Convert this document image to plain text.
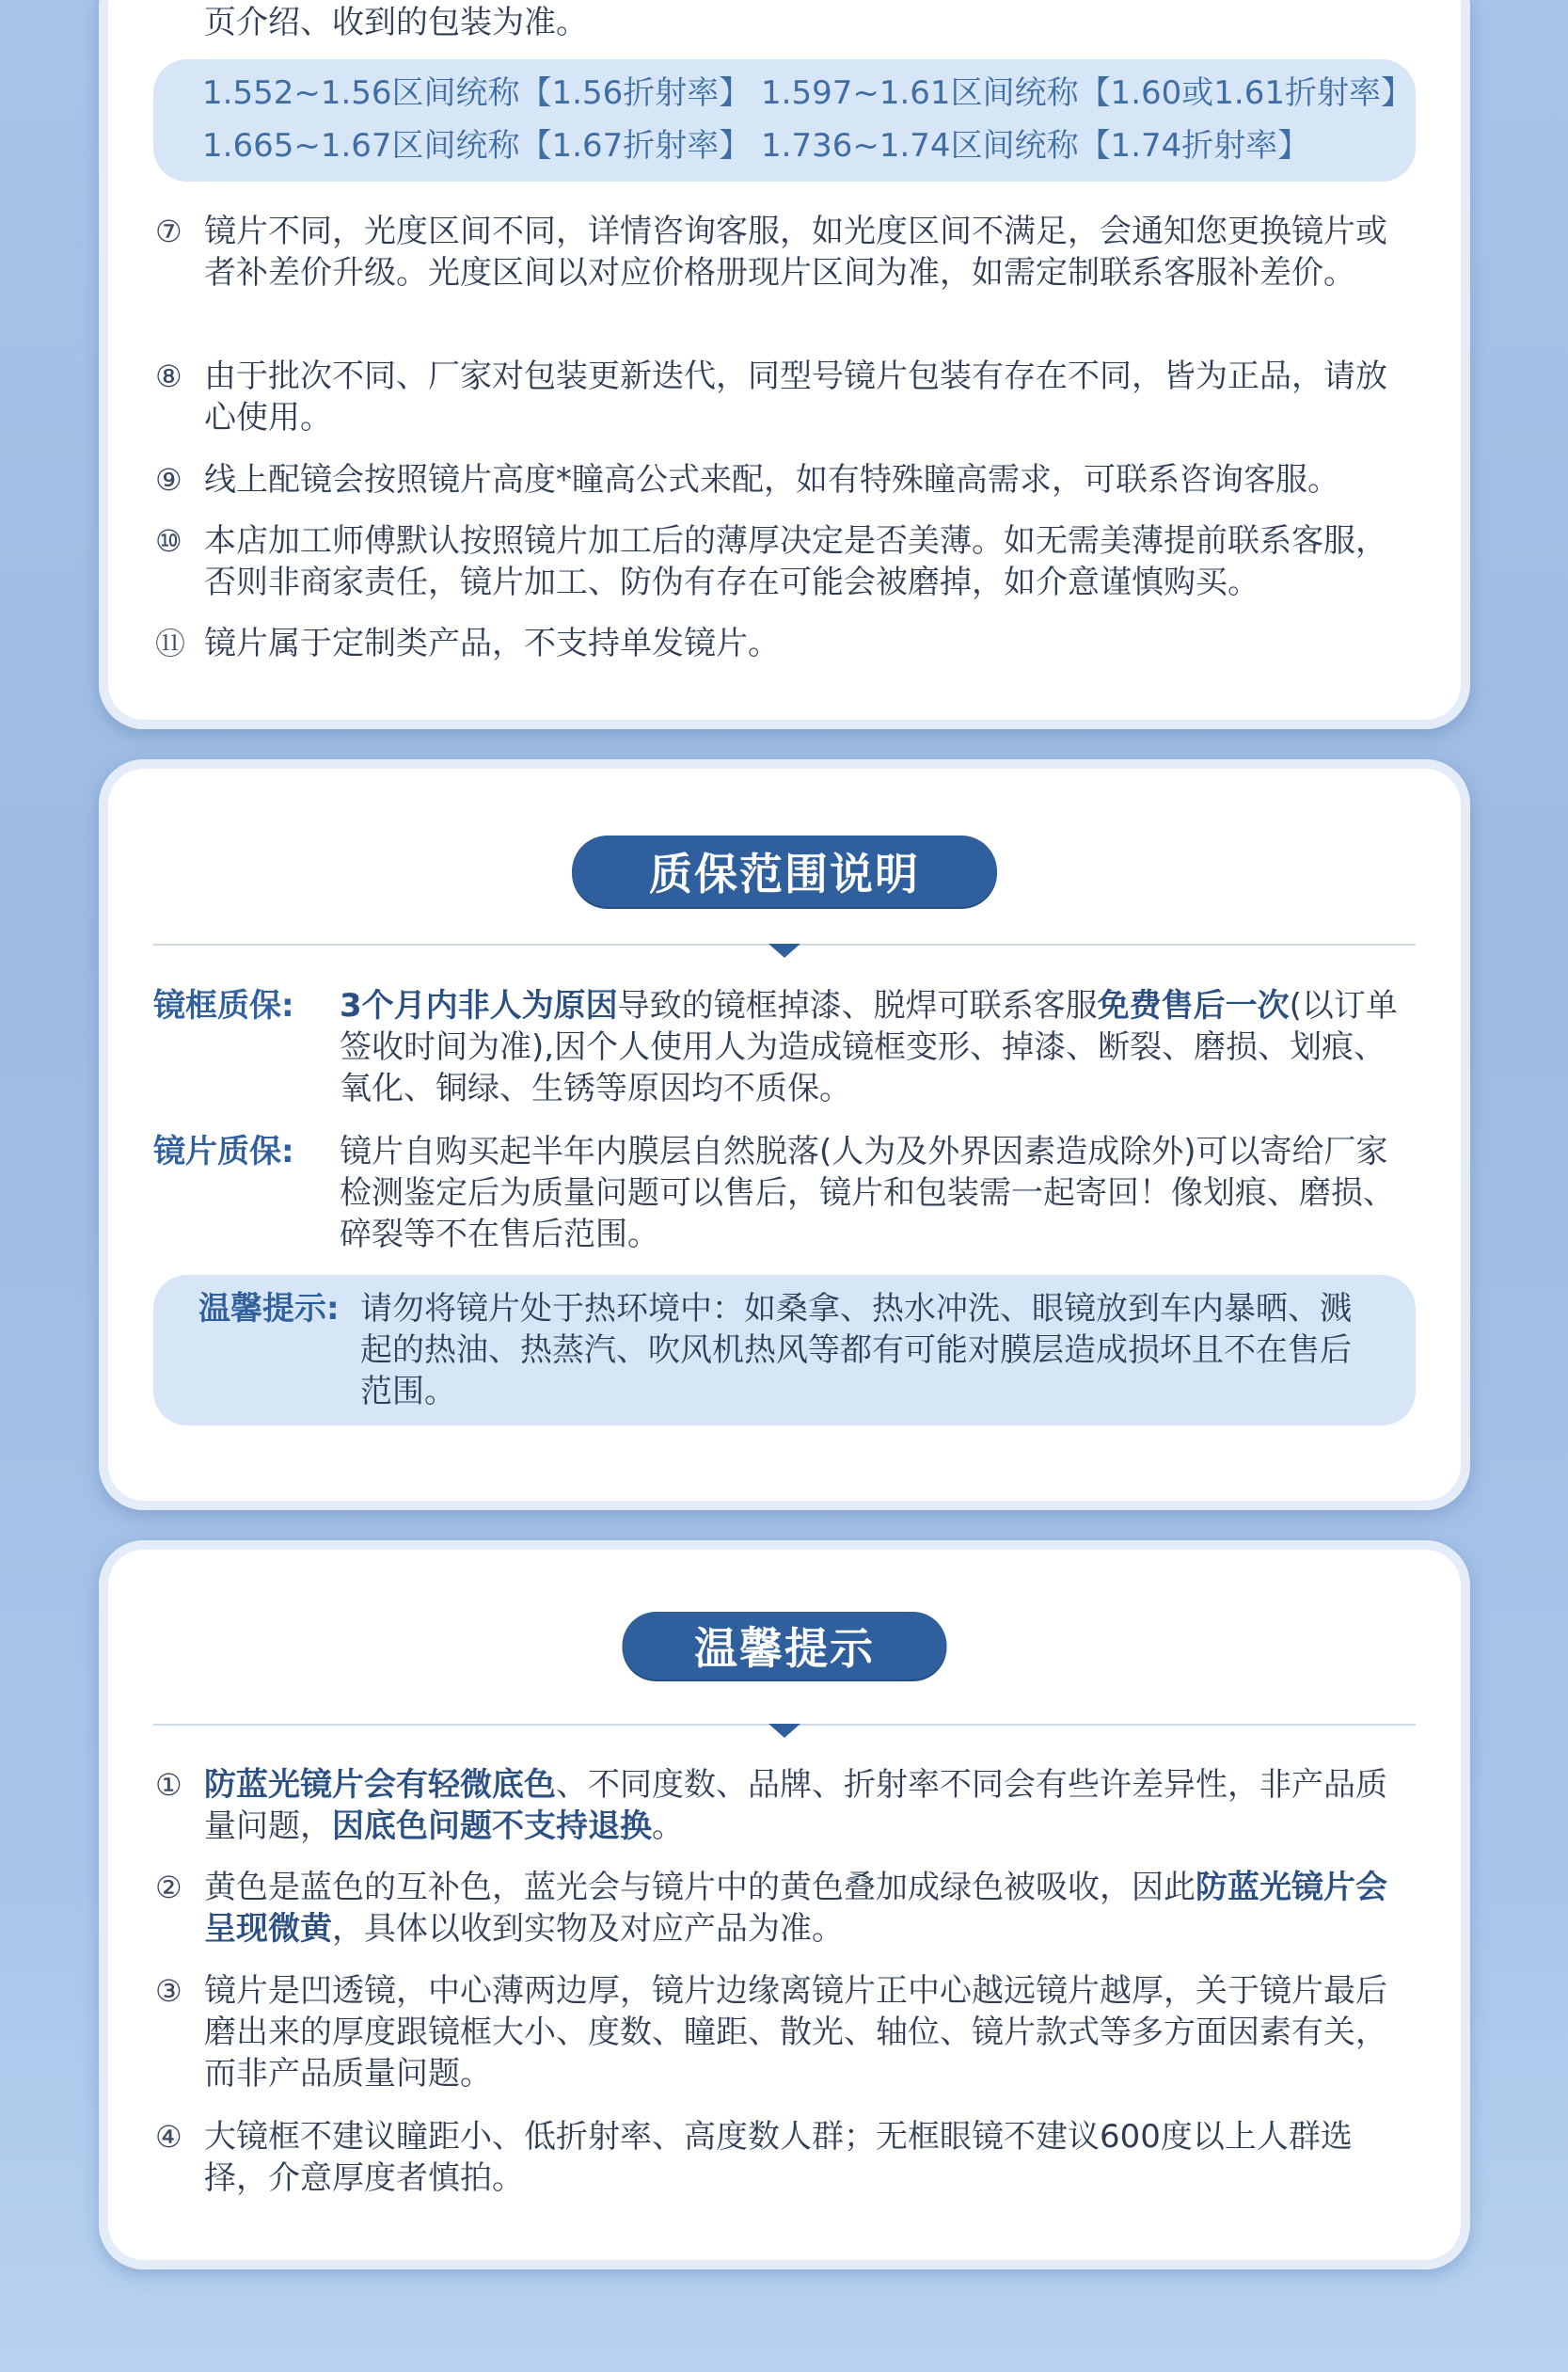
页介绍、收到的包装为准。
1.552~1.56区间统称【1.56折射率】 1.597~1.61区间统称【1.60或1.61折射率】
1.665~1.67区间统称【1.67折射率】 1.736~1.74区间统称【1.74折射率】
⑦ 镜片不同，光度区间不同，详情咨询客服，如光度区间不满足，会通知您更换镜片或者补差价升级。光度区间以对应价格册现片区间为准，如需定制联系客服补差价。
⑧ 由于批次不同、厂家对包装更新迭代，同型号镜片包装有存在不同，皆为正品，请放心使用。
⑨ 线上配镜会按照镜片高度*瞳高公式来配，如有特殊瞳高需求，可联系咨询客服。
⑩ 本店加工师傅默认按照镜片加工后的薄厚决定是否美薄。如无需美薄提前联系客服，否则非商家责任，镜片加工、防伪有存在可能会被磨掉，如介意谨慎购买。
⑪ 镜片属于定制类产品，不支持单发镜片。
质保范围说明
镜框质保:	3个月内非人为原因导致的镜框掉漆、脱焊可联系客服免费售后一次(以订单签收时间为准),因个人使用人为造成镜框变形、掉漆、断裂、磨损、划痕、氧化、铜绿、生锈等原因均不质保。
镜片质保:	镜片自购买起半年内膜层自然脱落(人为及外界因素造成除外)可以寄给厂家检测鉴定后为质量问题可以售后，镜片和包装需一起寄回！像划痕、磨损、碎裂等不在售后范围。
温馨提示: 请勿将镜片处于热环境中：如桑拿、热水冲洗、眼镜放到车内暴晒、溅起的热油、热蒸汽、吹风机热风等都有可能对膜层造成损坏且不在售后范围。
温馨提示
① 防蓝光镜片会有轻微底色、不同度数、品牌、折射率不同会有些许差异性，非产品质量问题，因底色问题不支持退换。
② 黄色是蓝色的互补色，蓝光会与镜片中的黄色叠加成绿色被吸收，因此防蓝光镜片会呈现微黄，具体以收到实物及对应产品为准。
③ 镜片是凹透镜，中心薄两边厚，镜片边缘离镜片正中心越远镜片越厚，关于镜片最后磨出来的厚度跟镜框大小、度数、瞳距、散光、轴位、镜片款式等多方面因素有关，而非产品质量问题。
④ 大镜框不建议瞳距小、低折射率、高度数人群；无框眼镜不建议600度以上人群选择，介意厚度者慎拍。
